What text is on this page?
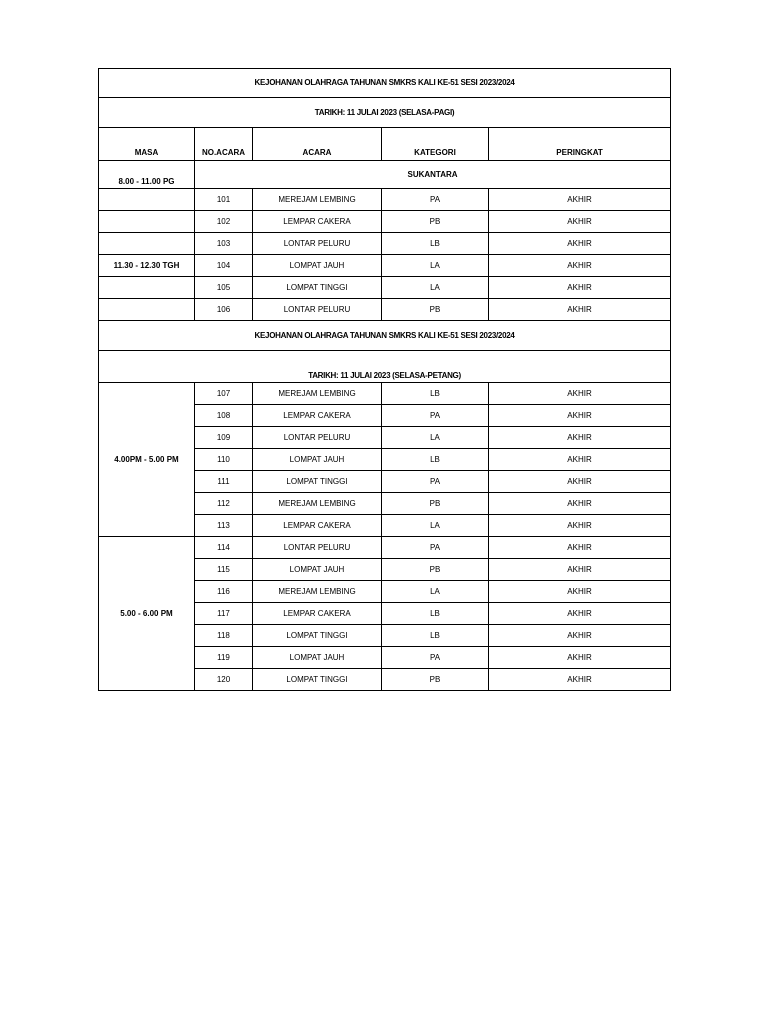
KEJOHANAN OLAHRAGA TAHUNAN SMKRS KALI KE-51 SESI 2023/2024				
TARIKH: 11 JULAI 2023 (SELASA-PAGI)				
MASA	NO.ACARA	ACARA	KATEGORI	PERINGKAT
8.00 - 11.00 PG	SUKANTARA			
	101	MEREJAM LEMBING	PA	AKHIR
	102	LEMPAR CAKERA	PB	AKHIR
	103	LONTAR PELURU	LB	AKHIR
11.30 - 12.30 TGH	104	LOMPAT JAUH	LA	AKHIR
	105	LOMPAT TINGGI	LA	AKHIR
	106	LONTAR PELURU	PB	AKHIR
KEJOHANAN OLAHRAGA TAHUNAN SMKRS KALI KE-51 SESI 2023/2024				
TARIKH: 11 JULAI 2023 (SELASA-PETANG)				
4.00PM - 5.00 PM	107	MEREJAM LEMBING	LB	AKHIR
	108	LEMPAR CAKERA	PA	AKHIR
	109	LONTAR PELURU	LA	AKHIR
	110	LOMPAT JAUH	LB	AKHIR
	111	LOMPAT TINGGI	PA	AKHIR
	112	MEREJAM LEMBING	PB	AKHIR
	113	LEMPAR CAKERA	LA	AKHIR
5.00 - 6.00 PM	114	LONTAR PELURU	PA	AKHIR
	115	LOMPAT JAUH	PB	AKHIR
	116	MEREJAM LEMBING	LA	AKHIR
	117	LEMPAR CAKERA	LB	AKHIR
	118	LOMPAT TINGGI	LB	AKHIR
	119	LOMPAT JAUH	PA	AKHIR
	120	LOMPAT TINGGI	PB	AKHIR
